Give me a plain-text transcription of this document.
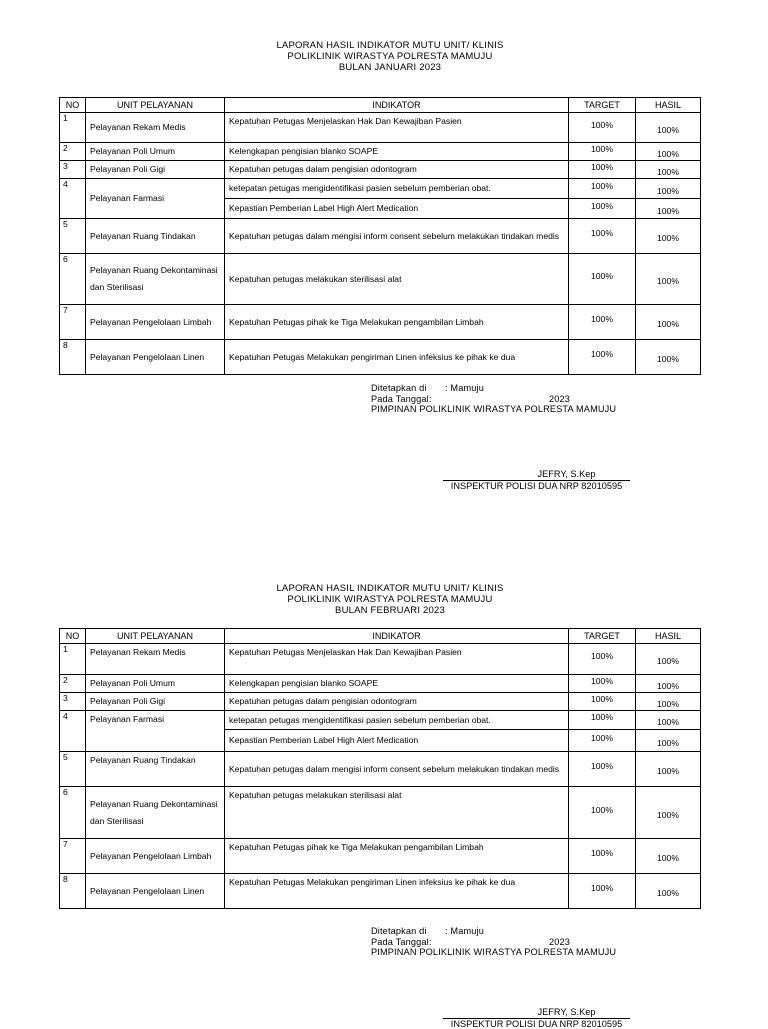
LAPORAN HASIL INDIKATOR MUTU UNIT/ KLINIS
POLIKLINIK WIRASTYA POLRESTA MAMUJU
BULAN JANUARI 2023
NO	UNIT PELAYANAN	INDIKATOR	TARGET	HASIL
1	Pelayanan Rekam Medis	Kepatuhan Petugas Menjelaskan Hak Dan Kewajiban Pasien	100%	100%
2	Pelayanan Poli Umum	Kelengkapan pengisian blanko SOAPE	100%	100%
3	Pelayanan Poli Gigi	Kepatuhan petugas dalam pengisian odontogram	100%	100%
4	Pelayanan Farmasi	ketepatan petugas mengidentifikasi pasien sebelum pemberian obat.	100%	100%
		Kepastian Pemberian Label High Alert Medication	100%	100%
5	Pelayanan Ruang Tindakan	Kepatuhan petugas dalam mengisi inform consent sebelum melakukan tindakan medis	100%	100%
6	Pelayanan Ruang Dekontaminasi dan Sterilisasi	Kepatuhan petugas melakukan sterilisasi alat	100%	100%
7	Pelayanan Pengelolaan Limbah	Kepatuhan Petugas pihak ke Tiga Melakukan pengambilan Limbah	100%	100%
8	Pelayanan Pengelolaan Linen	Kepatuhan Petugas Melakukan pengiriman Linen infeksius ke pihak ke dua	100%	100%
Ditetapkan di : Mamuju
Pada Tanggal:	2023
PIMPINAN POLIKLINIK WIRASTYA POLRESTA MAMUJU
JEFRY, S.Kep
INSPEKTUR POLISI DUA NRP 82010595
LAPORAN HASIL INDIKATOR MUTU UNIT/ KLINIS
POLIKLINIK WIRASTYA POLRESTA MAMUJU
BULAN FEBRUARI 2023
NO	UNIT PELAYANAN	INDIKATOR	TARGET	HASIL
1	Pelayanan Rekam Medis	Kepatuhan Petugas Menjelaskan Hak Dan Kewajiban Pasien	100%	100%
2	Pelayanan Poli Umum	Kelengkapan pengisian blanko SOAPE	100%	100%
3	Pelayanan Poli Gigi	Kepatuhan petugas dalam pengisian odontogram	100%	100%
4	Pelayanan Farmasi	ketepatan petugas mengidentifikasi pasien sebelum pemberian obat.	100%	100%
		Kepastian Pemberian Label High Alert Medication	100%	100%
5	Pelayanan Ruang Tindakan	Kepatuhan petugas dalam mengisi inform consent sebelum melakukan tindakan medis	100%	100%
6	Pelayanan Ruang Dekontaminasi dan Sterilisasi	Kepatuhan petugas melakukan sterilisasi alat	100%	100%
7	Pelayanan Pengelolaan Limbah	Kepatuhan Petugas pihak ke Tiga Melakukan pengambilan Limbah	100%	100%
8	Pelayanan Pengelolaan Linen	Kepatuhan Petugas Melakukan pengiriman Linen infeksius ke pihak ke dua	100%	100%
Ditetapkan di : Mamuju
Pada Tanggal:	2023
PIMPINAN POLIKLINIK WIRASTYA POLRESTA MAMUJU
JEFRY, S.Kep
INSPEKTUR POLISI DUA NRP 82010595
